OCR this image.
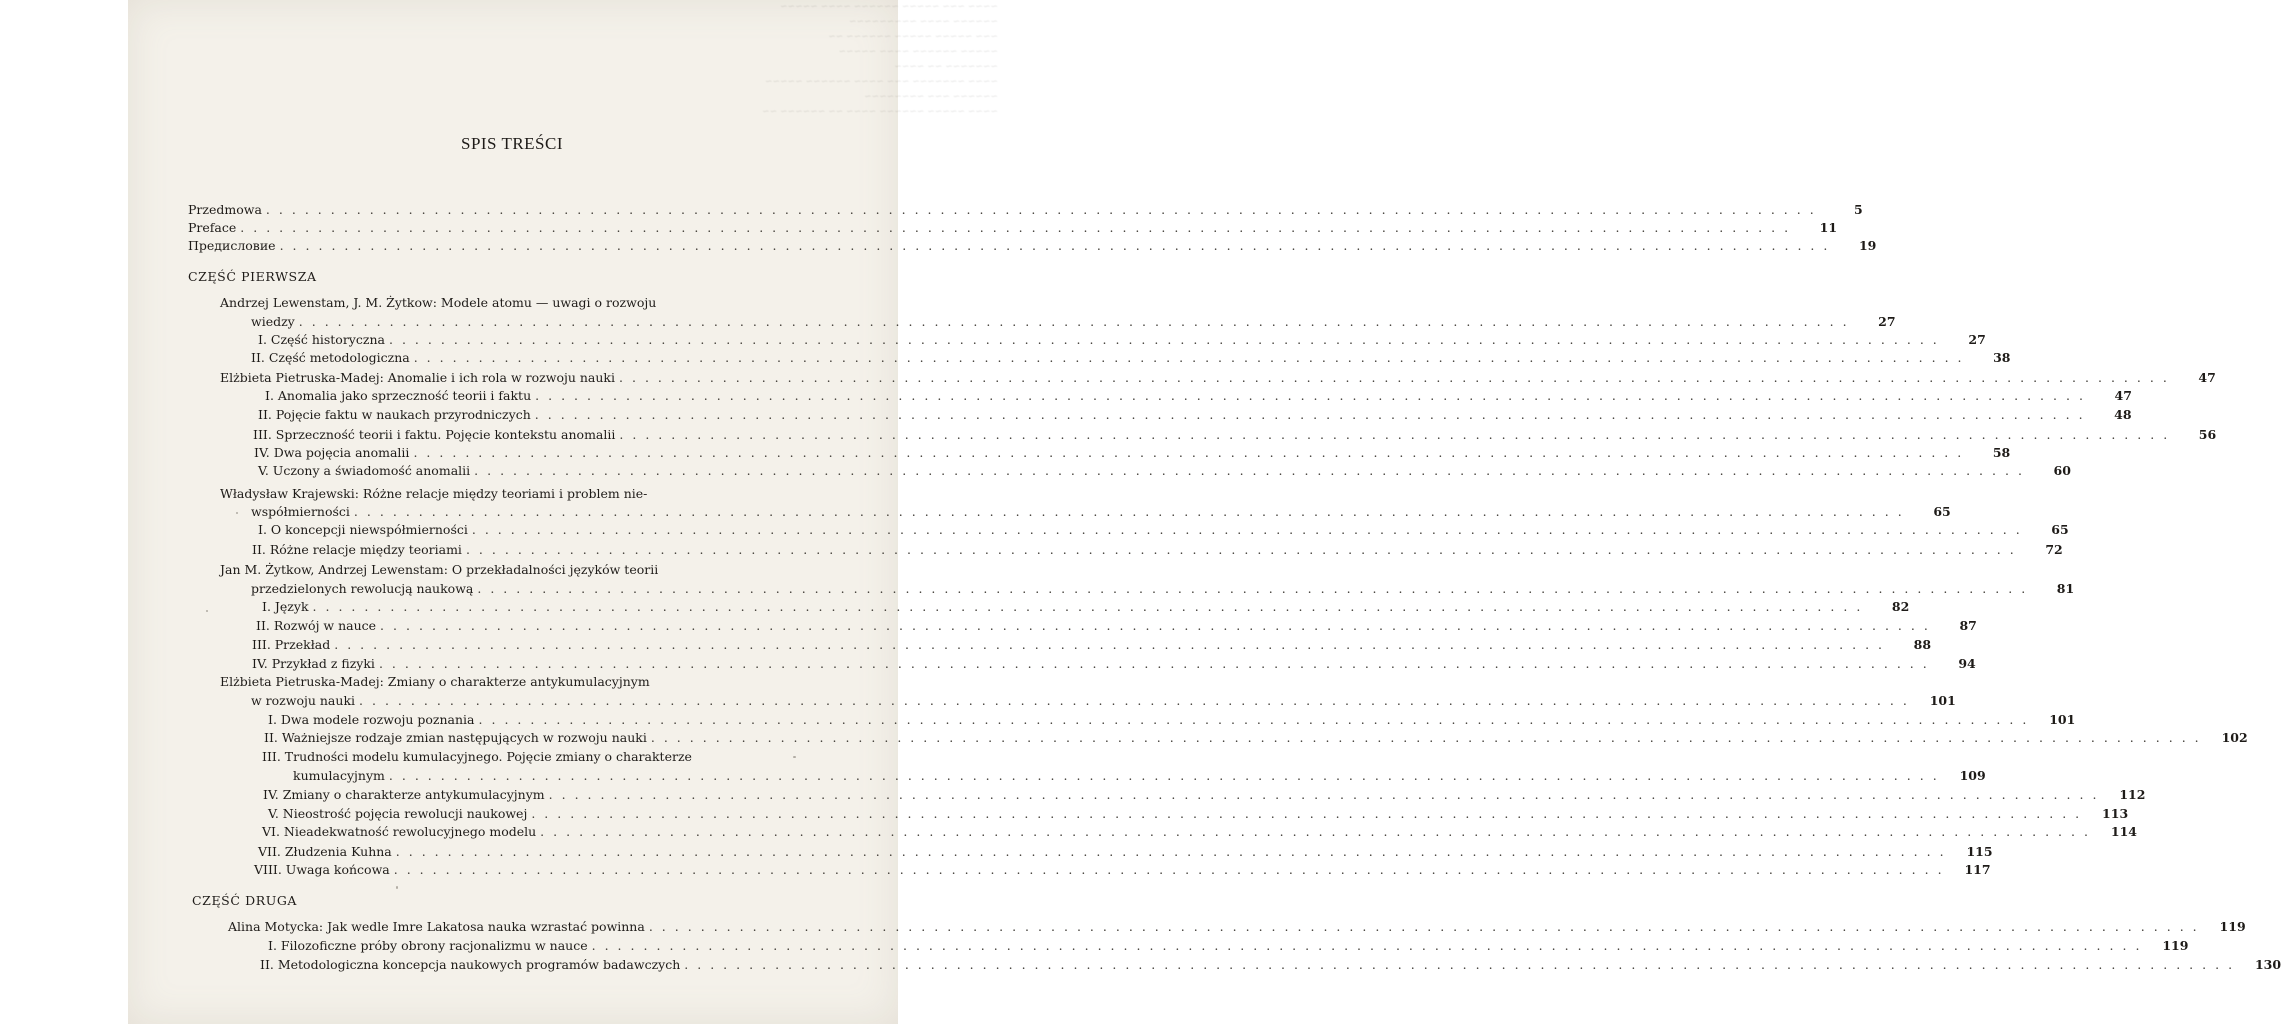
~~~~ ~~~ ~~~~~ ~~~~~~ ~~~~ ~~~~~
~~~~~~ ~~~~ ~~~~~~~~~
~~~ ~~~~~ ~~~~~ ~~~~~~ ~~
~~~~~ ~~~~~~ ~~~~ ~~~~~
~~~~~~~ ~~ ~~~~
~~~~ ~~~~~~~ ~~~ ~~~~ ~~~~~~ ~~~~~
~~~~~~ ~~~ ~~~~~~~~
~~~~ ~~~~~ ~~~~~~ ~~~~ ~~ ~~~~~~ ~~
SPIS TREŚCI
Przedmowa ........................................................................................................................	5
Preface ........................................................................................................................	11
Предисловие ........................................................................................................................	19
CZĘŚĆ PIERWSZA
Andrzej Lewenstam, J. M. Żytkow: Modele atomu — uwagi o rozwoju
wiedzy ........................................................................................................................	27
I. Część historyczna ........................................................................................................................	27
II. Część metodologiczna ........................................................................................................................	38
Elżbieta Pietruska-Madej: Anomalie i ich rola w rozwoju nauki ........................................................................................................................	47
I. Anomalia jako sprzeczność teorii i faktu ........................................................................................................................	47
II. Pojęcie faktu w naukach przyrodniczych ........................................................................................................................	48
III. Sprzeczność teorii i faktu. Pojęcie kontekstu anomalii ........................................................................................................................	56
IV. Dwa pojęcia anomalii ........................................................................................................................	58
V. Uczony a świadomość anomalii ........................................................................................................................	60
Władysław Krajewski: Różne relacje między teoriami i problem nie-
współmierności ........................................................................................................................	65
I. O koncepcji niewspółmierności ........................................................................................................................	65
II. Różne relacje między teoriami ........................................................................................................................	72
Jan M. Żytkow, Andrzej Lewenstam: O przekładalności języków teorii
przedzielonych rewolucją naukową ........................................................................................................................	81
I. Język ........................................................................................................................	82
II. Rozwój w nauce ........................................................................................................................	87
III. Przekład ........................................................................................................................	88
IV. Przykład z fizyki ........................................................................................................................	94
Elżbieta Pietruska-Madej: Zmiany o charakterze antykumulacyjnym
w rozwoju nauki ........................................................................................................................	101
I. Dwa modele rozwoju poznania ........................................................................................................................	101
II. Ważniejsze rodzaje zmian następujących w rozwoju nauki ........................................................................................................................	102
III. Trudności modelu kumulacyjnego. Pojęcie zmiany o charakterze
kumulacyjnym ........................................................................................................................	109
IV. Zmiany o charakterze antykumulacyjnym ........................................................................................................................	112
V. Nieostrość pojęcia rewolucji naukowej ........................................................................................................................	113
VI. Nieadekwatność rewolucyjnego modelu ........................................................................................................................	114
VII. Złudzenia Kuhna ........................................................................................................................	115
VIII. Uwaga końcowa ........................................................................................................................	117
CZĘŚĆ DRUGA
Alina Motycka: Jak wedle Imre Lakatosa nauka wzrastać powinna ........................................................................................................................	119
I. Filozoficzne próby obrony racjonalizmu w nauce ........................................................................................................................	119
II. Metodologiczna koncepcja naukowych programów badawczych ........................................................................................................................	130
